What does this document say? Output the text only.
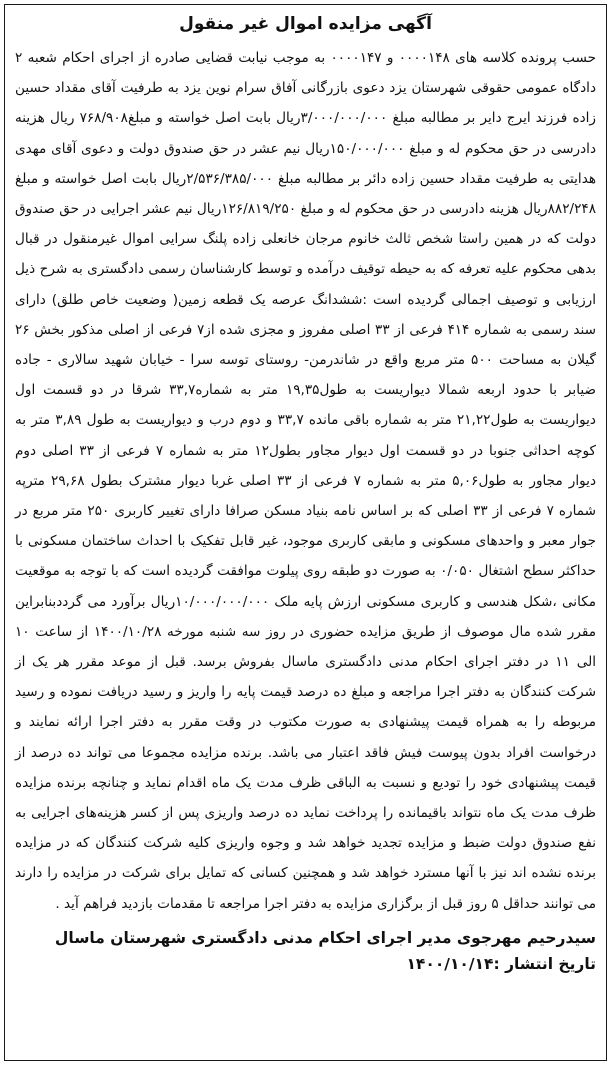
آگهی مزایده اموال غیر منقول

حسب پرونده کلاسه های ۰۰۰۰۱۴۸ و ۰۰۰۰۱۴۷ به موجب نیابت قضایی صادره از اجرای احکام شعبه ۲ دادگاه عمومی حقوقی شهرستان یزد دعوی بازرگانی آفاق سرام نوین یزد به طرفیت آقای مقداد حسین زاده فرزند ایرج دایر بر مطالبه مبلغ ۳/۰۰۰/۰۰۰/۰۰۰ریال بابت اصل خواسته و مبلغ۷۶۸/۹۰۸ ریال هزینه دادرسی در حق محکوم له و مبلغ ۱۵۰/۰۰۰/۰۰۰ریال نیم عشر در حق صندوق دولت و دعوی آقای مهدی هدایتی به طرفیت مقداد حسین زاده دائر بر مطالبه مبلغ ۲/۵۳۶/۳۸۵/۰۰۰ریال بابت اصل خواسته و مبلغ ۸۸۲/۲۴۸ریال هزینه دادرسی در حق محکوم له و مبلغ ۱۲۶/۸۱۹/۲۵۰ریال نیم عشر اجرایی در حق صندوق دولت که در همین راستا شخص ثالث خانوم مرجان خانعلی زاده پلنگ سرایی اموال غیرمنقول در قبال بدهی محکوم علیه تعرفه که به حیطه توقیف درآمده و توسط کارشناسان رسمی دادگستری به شرح ذیل ارزیابی و توصیف اجمالی گردیده است :ششدانگ عرصه یک قطعه زمین( وضعیت خاص طلق) دارای سند رسمی به شماره ۴۱۴ فرعی از ۳۳ اصلی مفروز و مجزی شده از۷ فرعی از اصلی مذکور بخش ۲۶ گیلان به مساحت ۵۰۰ متر مربع واقع در شاندرمن- روستای توسه سرا - خیابان شهید سالاری - جاده ضیابر با حدود اربعه شمالا دیواریست به طول۱۹,۳۵ متر به شماره۳۳,۷ شرقا در دو قسمت اول دیواریست به طول۲۱,۲۲ متر به شماره باقی مانده ۳۳,۷ و دوم درب و دیواریست به طول ۳,۸۹ متر به کوچه احداثی جنوبا در دو قسمت اول دیوار مجاور بطول۱۲ متر به شماره ۷ فرعی از ۳۳ اصلی دوم دیوار مجاور به طول۵,۰۶ متر به شماره ۷ فرعی از ۳۳ اصلی غربا دیوار مشترک بطول ۲۹,۶۸ مترپه شماره ۷ فرعی از ۳۳ اصلی که بر اساس نامه بنیاد مسکن صرافا دارای تغییر کاربری ۲۵۰ متر مربع در جوار معبر و واحدهای مسکونی و مابقی کاربری موجود، غیر قابل تفکیک با احداث ساختمان مسکونی با حداکثر سطح اشتغال ۰/۰۵۰ به صورت دو طبقه روی پیلوت موافقت گردیده است که با توجه به موقعیت مکانی ،شکل هندسی و کاربری مسکونی ارزش پایه ملک ۱۰/۰۰۰/۰۰۰/۰۰۰ریال برآورد می گرددبنابراین مقرر شده مال موصوف از طریق مزایده حضوری در روز سه شنبه مورخه ۱۴۰۰/۱۰/۲۸ از ساعت ۱۰ الی ۱۱ در دفتر اجرای احکام مدنی دادگستری ماسال بفروش برسد. قبل از موعد مقرر هر یک از شرکت کنندگان به دفتر اجرا مراجعه و مبلغ ده درصد قیمت پایه را واریز و رسید دریافت نموده و رسید مربوطه را به همراه قیمت پیشنهادی به صورت مکتوب در وقت مقرر به دفتر اجرا ارائه نمایند و درخواست افراد بدون پیوست فیش فاقد اعتبار می باشد. برنده مزایده مجموعا می تواند ده درصد از قیمت پیشنهادی خود را تودیع و نسبت به الباقی ظرف مدت یک ماه اقدام نماید و چنانچه برنده مزایده ظرف مدت یک ماه نتواند باقیمانده را پرداخت نماید ده درصد واریزی پس از کسر هزینه‌های اجرایی به نفع صندوق دولت ضبط و مزایده تجدید خواهد شد و وجوه واریزی کلیه شرکت کنندگان که در مزایده برنده نشده اند نیز با آنها مسترد خواهد شد و همچنین کسانی که تمایل برای شرکت در مزایده را دارند می توانند حداقل ۵ روز قبل از برگزاری مزایده به دفتر اجرا مراجعه تا مقدمات بازدید فراهم آید .

سیدرحیم مهرجوی مدیر اجرای احکام مدنی دادگستری شهرستان ماسال
تاریخ انتشار :۱۴۰۰/۱۰/۱۴
